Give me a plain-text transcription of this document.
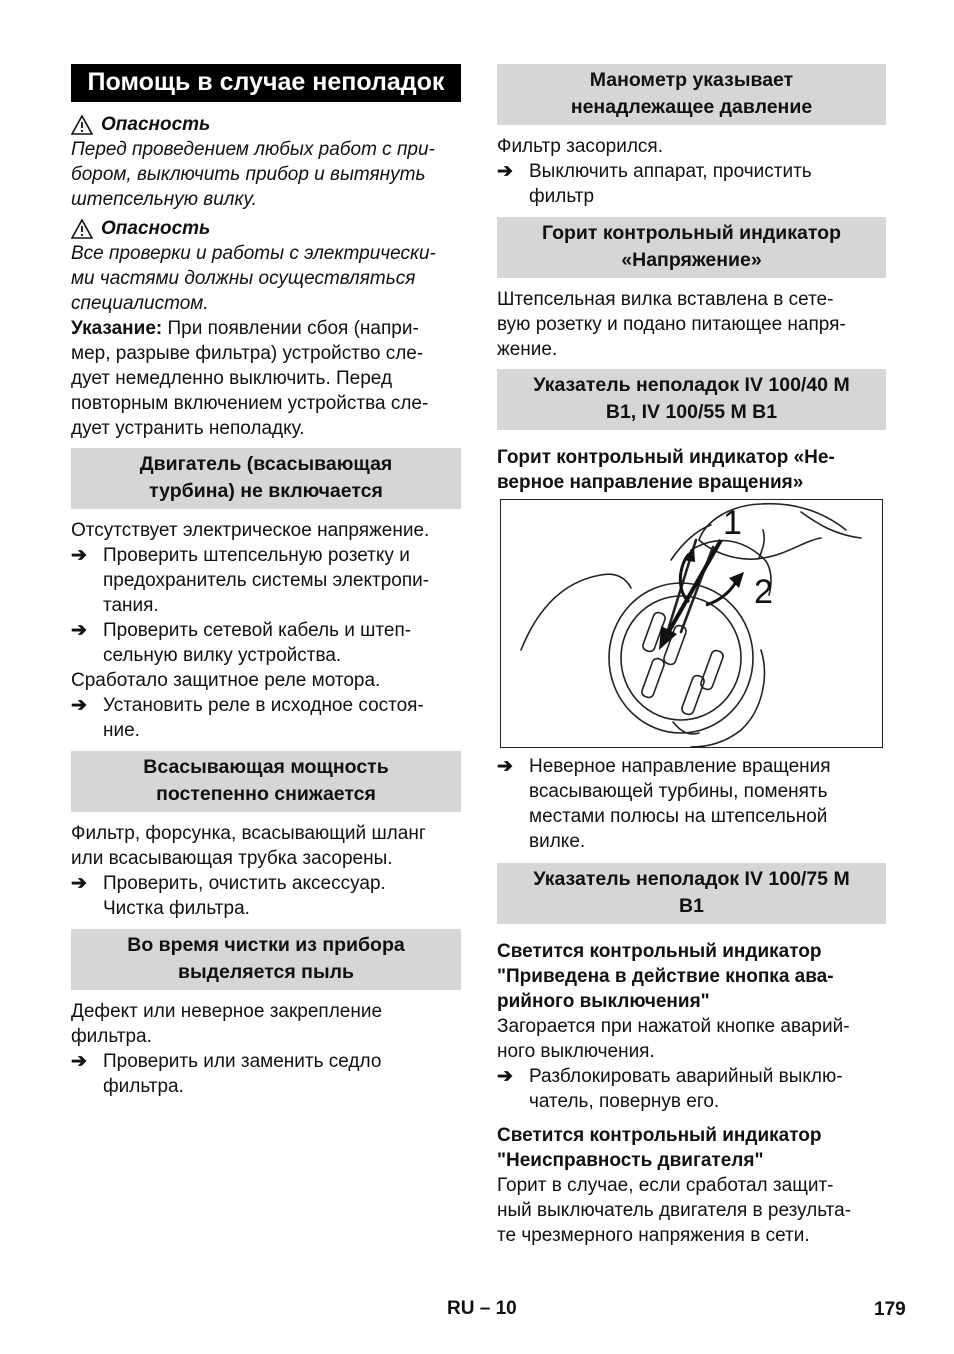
Помощь в случае неполадок
Опасность

Перед проведением любых работ с при-
бором, выключить прибор и вытянуть
штепсельную вилку.

Опасность

Все проверки и работы с электрически-
ми частями должны осуществляться
специалистом.

Указание: При появлении сбоя (напри-
мер, разрыве фильтра) устройство сле-
дует немедленно выключить. Перед
повторным включением устройства сле-
дует устранить неполадку.

Двигатель (всасывающая
турбина) не включается

Отсутствует электрическое напряжение.

➔ Проверить штепсельную розетку и
предохранитель системы электропи-
тания.
➔ Проверить сетевой кабель и штеп-
сельную вилку устройства.

Сработало защитное реле мотора.

➔ Установить реле в исходное состоя-
ние.
Всасывающая мощность
постепенно снижается

Фильтр, форсунка, всасывающий шланг
или всасывающая трубка засорены.

➔ Проверить, очистить аксессуар.
Чистка фильтра.
Во время чистки из прибора
выделяется пыль

Дефект или неверное закрепление
фильтра.

➔ Проверить или заменить седло
фильтра.
Манометр указывает
ненадлежащее давление

Фильтр засорился.

➔ Выключить аппарат, прочистить
фильтр
Горит контрольный индикатор
«Напряжение»

Штепсельная вилка вставлена в сете-
вую розетку и подано питающее напря-
жение.

Указатель неполадок IV 100/40 M
B1, IV 100/55 M B1

Горит контрольный индикатор «Не-
верное направление вращения»

1
2
➔ Неверное направление вращения
всасывающей турбины, поменять
местами полюсы на штепсельной
вилке.
Указатель неполадок IV 100/75 M
B1

Светится контрольный индикатор
"Приведена в действие кнопка ава-
рийного выключения"

Загорается при нажатой кнопке аварий-
ного выключения.

➔ Разблокировать аварийный выклю-
чатель, повернув его.

Светится контрольный индикатор
"Неисправность двигателя"

Горит в случае, если сработал защит-
ный выключатель двигателя в результа-
те чрезмерного напряжения в сети.

RU – 10	179
